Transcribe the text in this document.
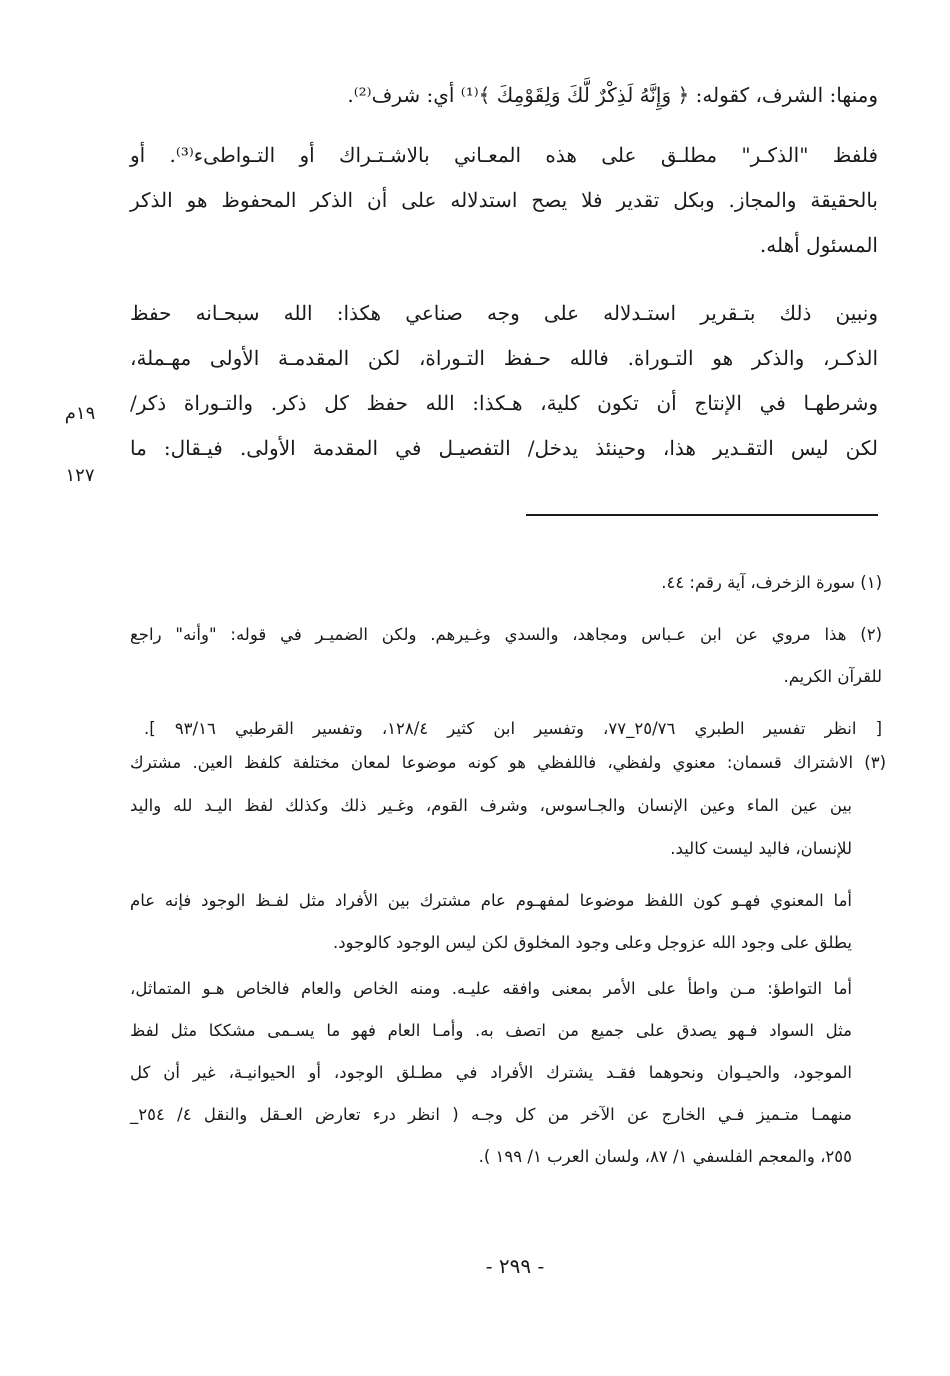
ومنها: الشرف، كقوله: ﴿ وَإِنَّهُ لَذِكْرٌ لَّكَ وَلِقَوْمِكَ ﴾⁽¹⁾ أي: شرف⁽²⁾.
فلفظ "الذكـر" مطلـق على هذه المعـاني بالاشـتـراك أو التـواطىء⁽³⁾. أو
بالحقيقة والمجاز. وبكل تقدير فلا يصح استدلاله على أن الذكر المحفوظ هو الذكر
المسئول أهله.
ونبين ذلك بتـقرير استـدلاله على وجه صناعي هكذا: الله سبحـانه حفظ
الذكـر، والذكر هو التـوراة. فالله حـفظ التـوراة، لكن المقدمـة الأولى مهـملة،
وشرطهـا في الإنتاج أن تكون كلية، هـكذا: الله حفظ كل ذكر. والتـوراة ذكر/
لكن ليس التقـدير هذا، وحينئذ يدخل/ التفصيـل في المقدمة الأولى. فيـقال: ما
١٩م
١٢٧
(١) سورة الزخرف، آية رقم: ٤٤.
(٢) هذا مروي عن ابن عـباس ومجاهد، والسدي وغـيرهم. ولكن الضميـر في قوله: "وأنه" راجع
للقرآن الكريم.
[ انظر تفسير الطبري ٢٥/٧٦_٧٧، وتفسير ابن كثير ١٢٨/٤، وتفسير القرطبي ٩٣/١٦ ].
(٣) الاشتراك قسمان: معنوي ولفظي، فاللفظي هو كونه موضوعا لمعان مختلفة كلفظ العين. مشترك
بين عين الماء وعين الإنسان والجـاسوس، وشرف القوم، وغـير ذلك وكذلك لفظ اليـد لله واليد
للإنسان، فاليد ليست كاليد.
أما المعنوي فهـو كون اللفظ موضوعا لمفهـوم عام مشترك بين الأفراد مثل لفـظ الوجود فإنه عام
يطلق على وجود الله عزوجل وعلى وجود المخلوق لكن ليس الوجود كالوجود.
أما التواطؤ: مـن واطأ على الأمر بمعنى وافقه عليـه. ومنه الخاص والعام فالخاص هـو المتماثل،
مثل السواد فـهو يصدق على جميع من اتصف به. وأمـا العام فهو ما يسـمى مشككا مثل لفظ
الموجود، والحيـوان ونحوهما فقـد يشترك الأفراد في مطـلق الوجود، أو الحيوانيـة، غير أن كل
منهمـا متـميز فـي الخارج عن الآخر من كل وجـه ( انظر درء تعارض العـقل والنقل ٤/ ٢٥٤_
٢٥٥، والمعجم الفلسفي ١/ ٨٧، ولسان العرب ١/ ١٩٩ ).
- ٢٩٩ -
